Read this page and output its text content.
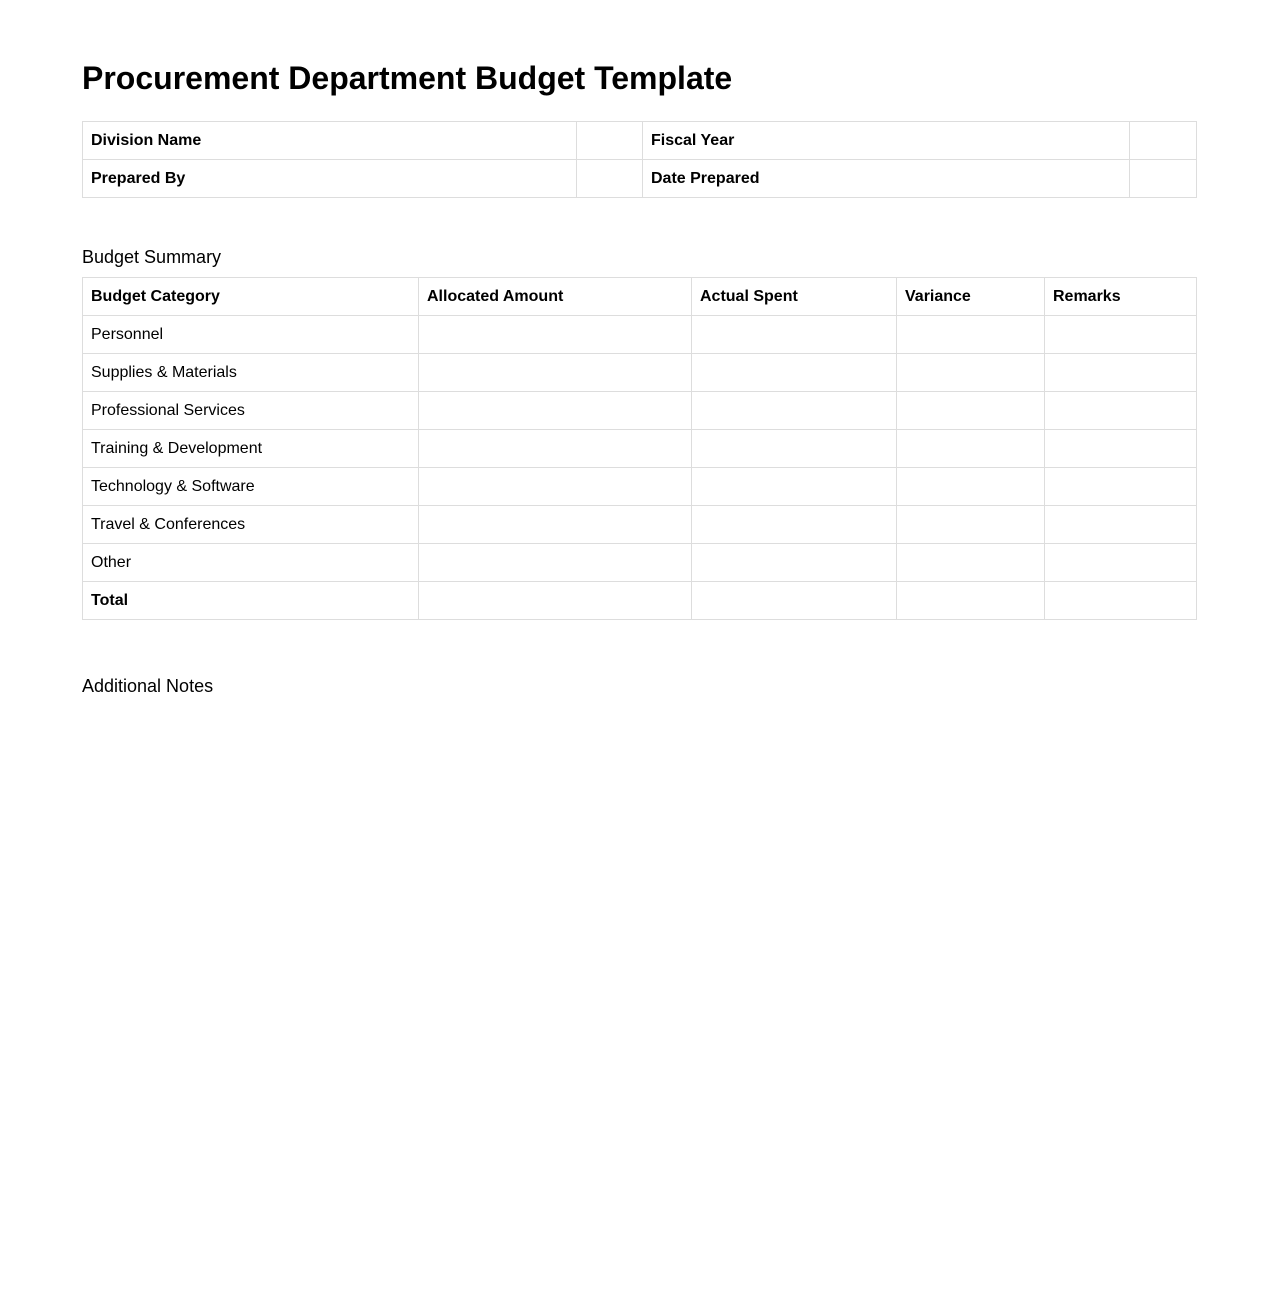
Procurement Department Budget Template
Division Name		Fiscal Year	
Prepared By		Date Prepared	
Budget Summary
Budget Category	Allocated Amount	Actual Spent	Variance	Remarks
Personnel				
Supplies & Materials				
Professional Services				
Training & Development				
Technology & Software				
Travel & Conferences				
Other				
Total				
Additional Notes
